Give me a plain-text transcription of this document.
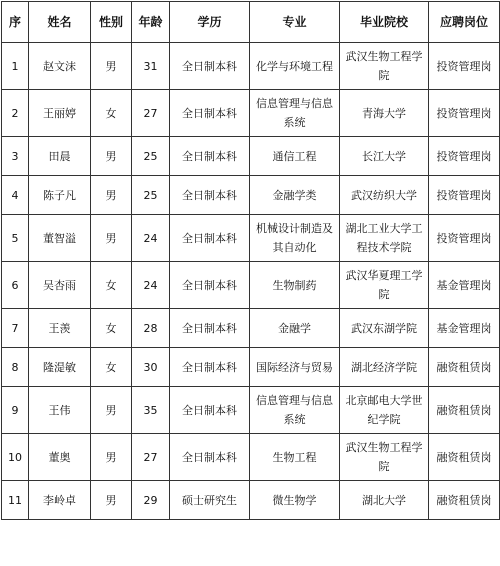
序	姓名	性别	年龄	学历	专业	毕业院校	应聘岗位
1	赵文沫	男	31	全日制本科	化学与环境工程	武汉生物工程学院	投资管理岗
2	王丽婷	女	27	全日制本科	信息管理与信息系统	青海大学	投资管理岗
3	田晨	男	25	全日制本科	通信工程	长江大学	投资管理岗
4	陈子凡	男	25	全日制本科	金融学类	武汉纺织大学	投资管理岗
5	董智溢	男	24	全日制本科	机械设计制造及其自动化	湖北工业大学工程技术学院	投资管理岗
6	吴杏雨	女	24	全日制本科	生物制药	武汉华夏理工学院	基金管理岗
7	王羡	女	28	全日制本科	金融学	武汉东湖学院	基金管理岗
8	隆湜敏	女	30	全日制本科	国际经济与贸易	湖北经济学院	融资租赁岗
9	王伟	男	35	全日制本科	信息管理与信息系统	北京邮电大学世纪学院	融资租赁岗
10	董奥	男	27	全日制本科	生物工程	武汉生物工程学院	融资租赁岗
11	李岭卓	男	29	硕士研究生	微生物学	湖北大学	融资租赁岗
